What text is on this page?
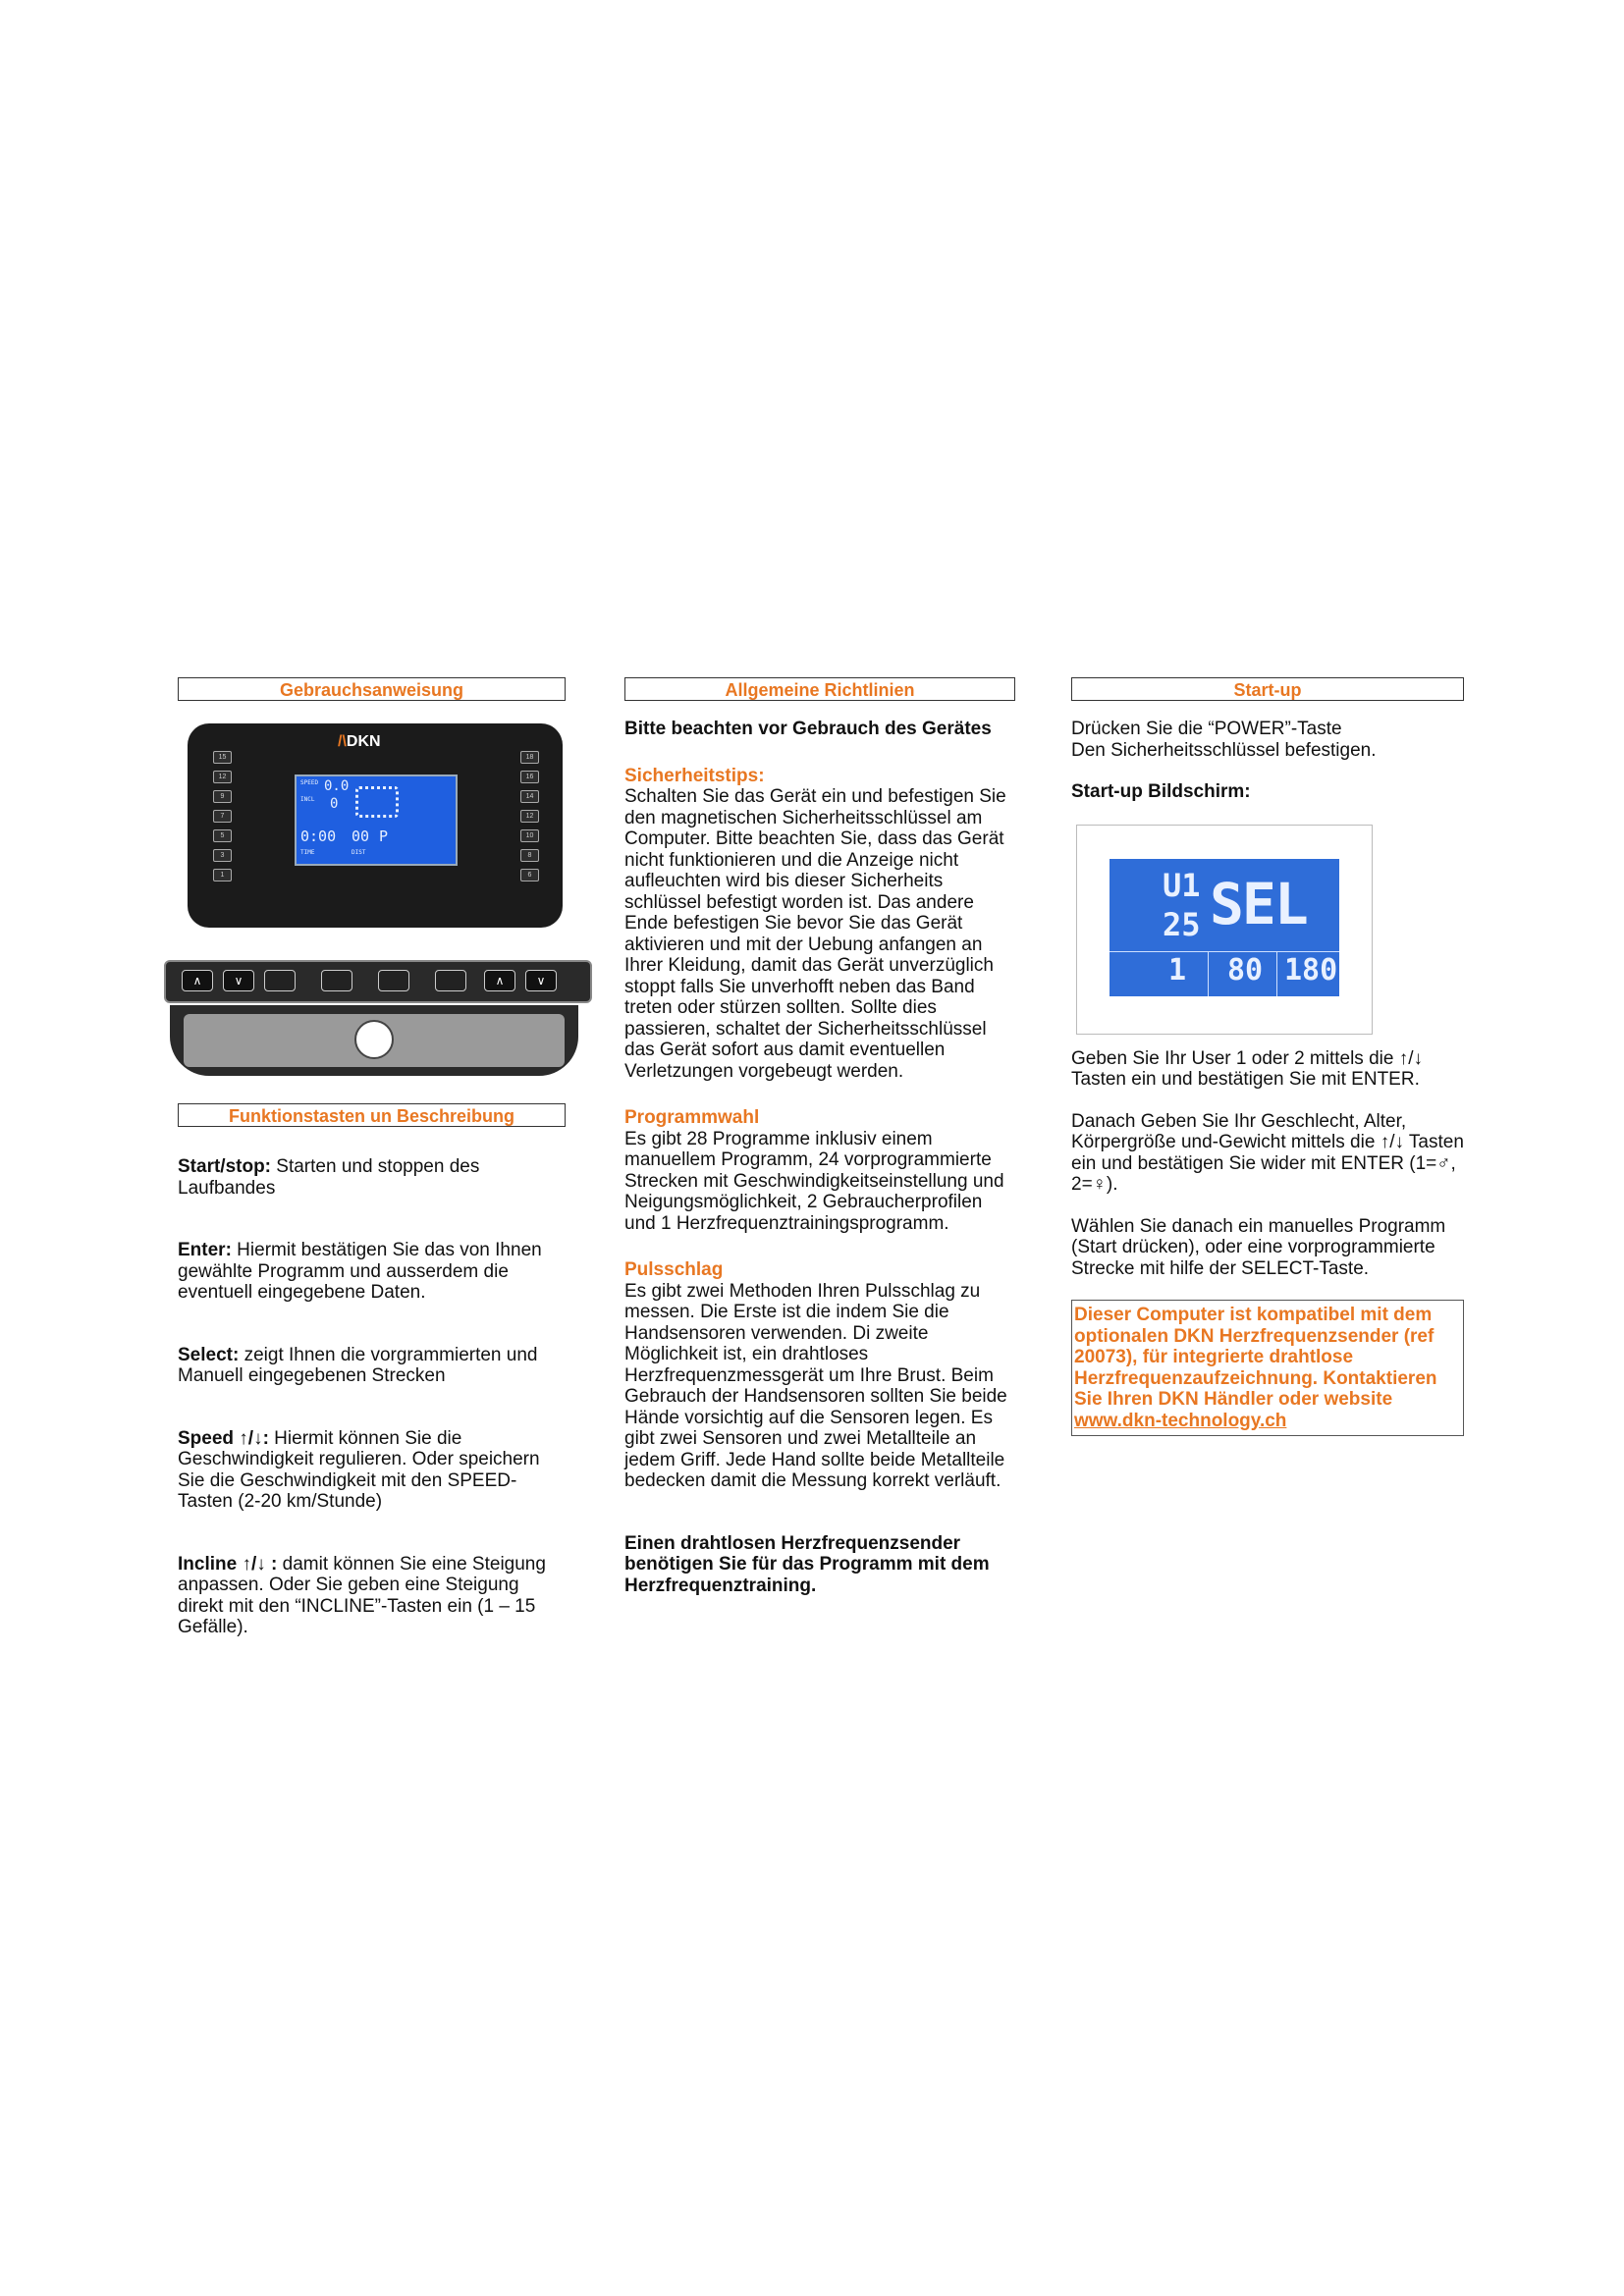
Gebrauchsanweisung
/\DKN
15
12
9
7
5
3
1
18
16
14
12
10
8
6
SPEED 0.0
INCL 0
0:00 00 P
TIME	DIST
∧	∨	∧	∨
Funktionstasten un Beschreibung

Start/stop: Starten und stoppen des Laufbandes

Enter: Hiermit bestätigen Sie das von Ihnen gewählte Programm und ausserdem die eventuell eingegebene Daten.

Select: zeigt Ihnen die vorgrammierten und Manuell eingegebenen Strecken

Speed ↑/↓: Hiermit können Sie die Geschwindigkeit regulieren. Oder speichern Sie die Geschwindigkeit mit den SPEED-Tasten (2-20 km/Stunde)

Incline ↑/↓ : damit können Sie eine Steigung anpassen. Oder Sie geben eine Steigung direkt mit den “INCLINE”-Tasten ein (1 – 15 Gefälle).

Allgemeine Richtlinien

Bitte beachten vor Gebrauch des Gerätes

Sicherheitstips:

Schalten Sie das Gerät ein und befestigen Sie den magnetischen Sicherheitsschlüssel am Computer. Bitte beachten Sie, dass das Gerät nicht funktionieren und die Anzeige nicht aufleuchten wird bis dieser Sicherheits schlüssel befestigt worden ist. Das andere Ende befestigen Sie bevor Sie das Gerät aktivieren und mit der Uebung anfangen an Ihrer Kleidung, damit das Gerät unverzüglich stoppt falls Sie unverhofft neben das Band treten oder stürzen sollten. Sollte dies passieren, schaltet der Sicherheitsschlüssel das Gerät sofort aus damit eventuellen Verletzungen vorgebeugt werden.

Programmwahl

Es gibt 28 Programme inklusiv einem manuellem Programm, 24 vorprogrammierte Strecken mit Geschwindigkeitseinstellung und Neigungsmöglichkeit, 2 Gebraucherprofilen und 1 Herzfrequenztrainingsprogramm.

Pulsschlag

Es gibt zwei Methoden Ihren Pulsschlag zu messen. Die Erste ist die indem Sie die Handsensoren verwenden. Di zweite Möglichkeit ist, ein drahtloses Herzfrequenzmessgerät um Ihre Brust. Beim Gebrauch der Handsensoren sollten Sie beide Hände vorsichtig auf die Sensoren legen. Es gibt zwei Sensoren und zwei Metallteile an jedem Griff. Jede Hand sollte beide Metallteile bedecken damit die Messung korrekt verläuft.

Einen drahtlosen Herzfrequenzsender benötigen Sie für das Programm mit dem Herzfrequenztraining.

Start-up

Drücken Sie die “POWER”-Taste

Den Sicherheitsschlüssel befestigen.

Start-up Bildschirm:

Geben Sie Ihr User 1 oder 2 mittels die ↑/↓ Tasten ein und bestätigen Sie mit ENTER.

Danach Geben Sie Ihr Geschlecht, Alter, Körpergröße und-Gewicht mittels die ↑/↓ Tasten ein und bestätigen Sie wider mit ENTER (1=♂, 2=♀).

Wählen Sie danach ein manuelles Programm (Start drücken), oder eine vorprogrammierte Strecke mit hilfe der SELECT-Taste.

Dieser Computer ist kompatibel mit dem optionalen DKN Herzfrequenzsender (ref 20073), für integrierte drahtlose Herzfrequenzaufzeichnung. Kontaktieren Sie Ihren DKN Händler oder website www.dkn-technology.ch

U1
25 SEL
1 80 180
